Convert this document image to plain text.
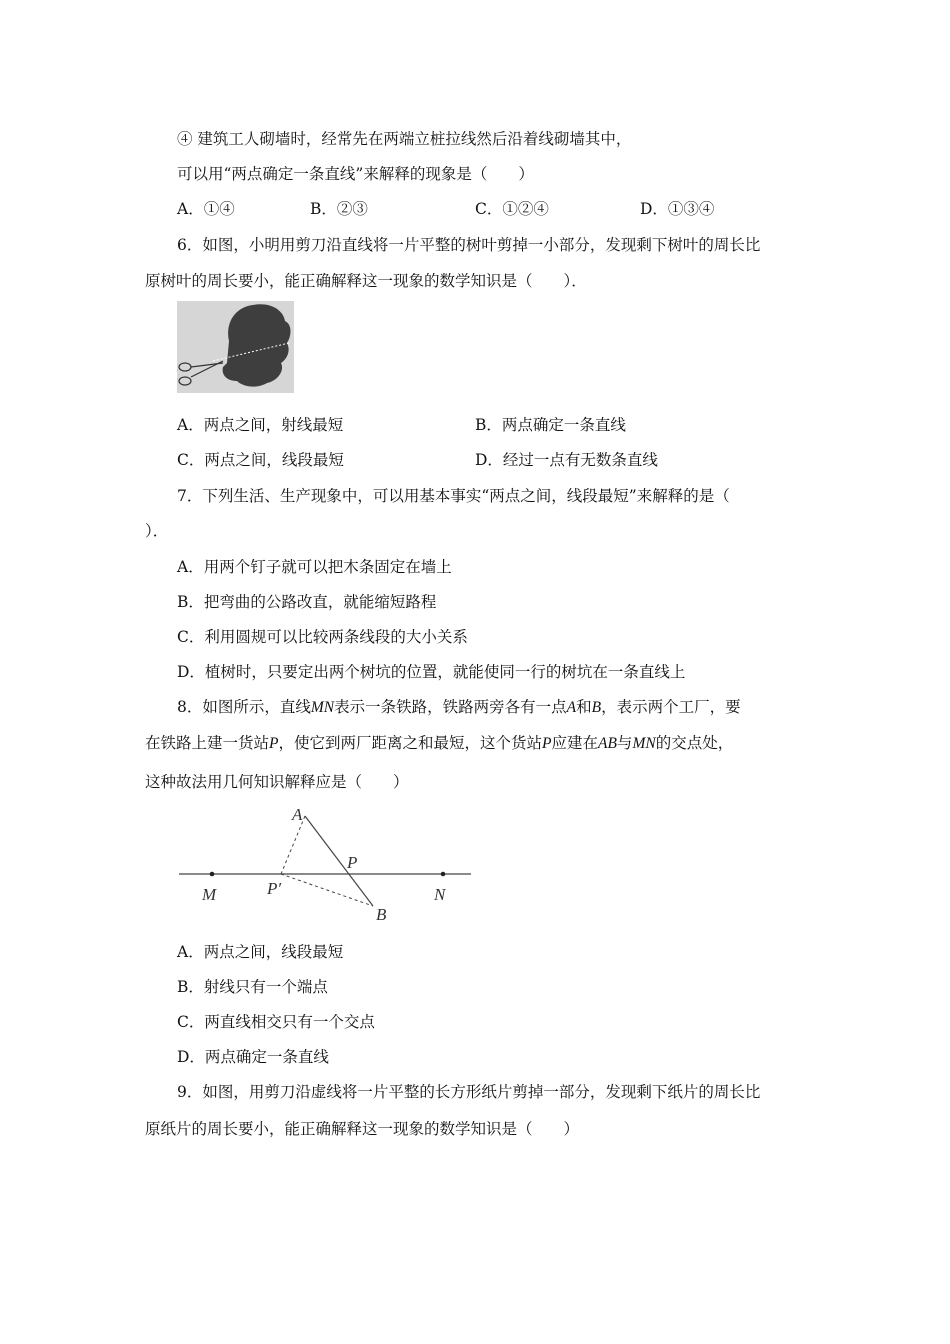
④ 建筑工人砌墙时，经常先在两端立桩拉线然后沿着线砌墙其中，
可以用“两点确定一条直线”来解释的现象是（　　）
A．①④	B．②③	C．①②④	D．①③④
6．如图，小明用剪刀沿直线将一片平整的树叶剪掉一小部分，发现剩下树叶的周长比
原树叶的周长要小，能正确解释这一现象的数学知识是（　　）．
A．两点之间，射线最短	B．两点确定一条直线
C．两点之间，线段最短	D．经过一点有无数条直线
7．下列生活、生产现象中，可以用基本事实“两点之间，线段最短”来解释的是（
）．
A．用两个钉子就可以把木条固定在墙上
B．把弯曲的公路改直，就能缩短路程
C．利用圆规可以比较两条线段的大小关系
D．植树时，只要定出两个树坑的位置，就能使同一行的树坑在一条直线上
8．如图所示，直线MN表示一条铁路，铁路两旁各有一点A和B，表示两个工厂，要
在铁路上建一货站P，使它到两厂距离之和最短，这个货站P应建在AB与MN的交点处，
这种故法用几何知识解释应是（　　）
A
P
M	P′	N
B
A．两点之间，线段最短
B．射线只有一个端点
C．两直线相交只有一个交点
D．两点确定一条直线
9．如图，用剪刀沿虚线将一片平整的长方形纸片剪掉一部分，发现剩下纸片的周长比
原纸片的周长要小，能正确解释这一现象的数学知识是（　　）
